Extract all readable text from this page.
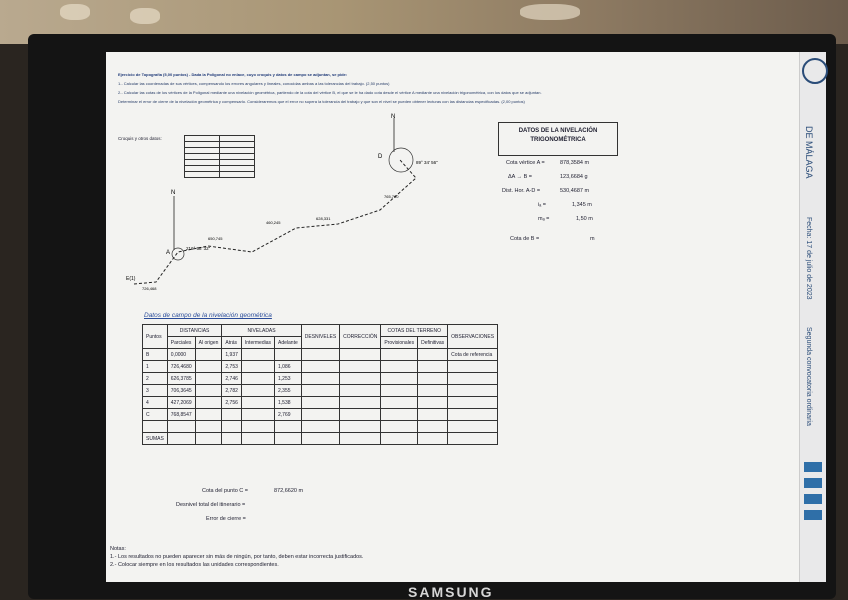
Ejercicio de Topografía (5,00 puntos) - Dada la Poligonal no enlace, cuyo croquis y datos de campo se adjuntan, se pide:
1.- Calcular las coordenadas de sus vértices, compensando los errores angulares y lineales, conocidas ambas a las tolerancias del trabajo. (2,50 puntos)
2.- Calcular las cotas de los vértices de la Poligonal mediante una nivelación geométrica, partiendo de la cota del vértice B, el que se le ha dado cota desde el vértice A mediante una nivelación trigonométrica, con los datos que se adjuntan.
Determinar el error de cierre de la nivelación geométrica y compensarlo. Consideraremos que el error no supera la tolerancia del trabajo y que son el nivel se pueden obtener lecturas con las distancias especificadas. (2,00 puntos)
Croquis y otros datos:

N
N
D
A
E(1)
89° 34' 56"
216° 58' 32"
726,468
650,745
460,245
628,331
765,760
DATOS DE LA NIVELACIÓN
TRIGONOMÉTRICA
Cota vértice A =	878,3584 m
ΔA → B =	123,6684 g
Dist. Hor. A-D =	530,4687 m
iₐ =	1,345 m
mₐ =	1,50 m
Cota de B =	m
Datos de campo de la nivelación geométrica
Puntos	DISTANCIAS		NIVELADAS			DESNIVELES	CORRECCIÓN	COTAS DEL TERRENO		OBSERVACIONES
	Parciales	Al origen	Atrás	Intermedias	Adelante			Provisionales	Definitivas	
B	0,0000		1,937							Cota de referencia
1	726,4680		2,753		1,086					
2	626,3785		2,746		1,253					
3	706,3645		2,782		2,355					
4	427,2069		2,756		1,538					
C	768,8547				2,769					

SUMAS										
Cota del punto C =	872,6620 m
Desnivel total del itinerario =
Error de cierre =
Notas:
1.- Los resultados no pueden aparecer sin más de ningún, por tanto, deben estar incorrecta justificados.
2.- Colocar siempre en los resultados las unidades correspondientes.
DE MÁLAGA
Fecha: 17 de julio de 2023
Segunda convocatoria ordinaria
SAMSUNG
